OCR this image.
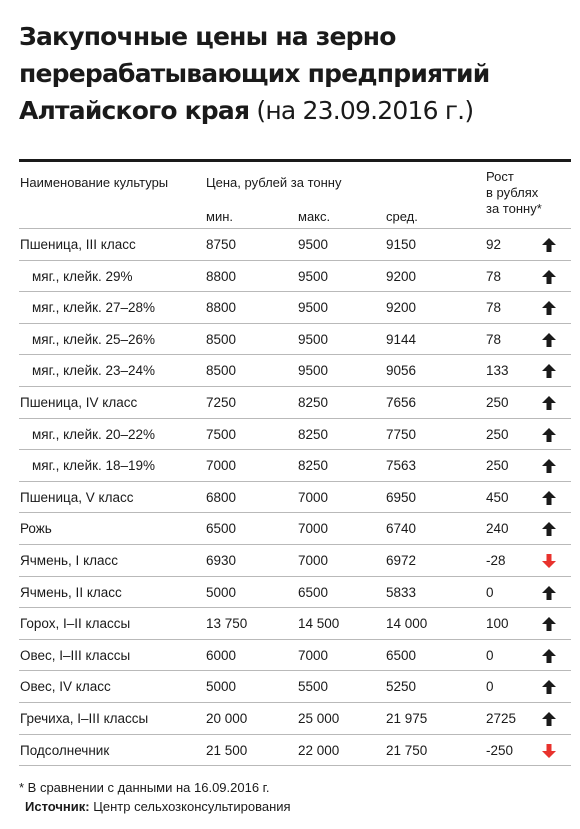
Закупочные цены на зерно перерабатывающих предприятий Алтайского края (на 23.09.2016 г.)
Наименование культуры	Цена, рублей за тонну
мин.	макс.	сред.
Рост
в рублях
за тонну*
Пшеница, III класс	8750	9500	9150	92
мяг., клейк. 29%	8800	9500	9200	78
мяг., клейк. 27–28%	8800	9500	9200	78
мяг., клейк. 25–26%	8500	9500	9144	78
мяг., клейк. 23–24%	8500	9500	9056	133
Пшеница, IV класс	7250	8250	7656	250
мяг., клейк. 20–22%	7500	8250	7750	250
мяг., клейк. 18–19%	7000	8250	7563	250
Пшеница, V класс	6800	7000	6950	450
Рожь	6500	7000	6740	240
Ячмень, I класс	6930	7000	6972	-28
Ячмень, II класс	5000	6500	5833	0
Горох, I–II классы	13 750	14 500	14 000	100
Овес, I–III классы	6000	7000	6500	0
Овес, IV класс	5000	5500	5250	0
Гречиха, I–III классы	20 000	25 000	21 975	2725
Подсолнечник	21 500	22 000	21 750	-250
* В сравнении с данными на 16.09.2016 г.
Источник: Центр сельхозконсультирования
